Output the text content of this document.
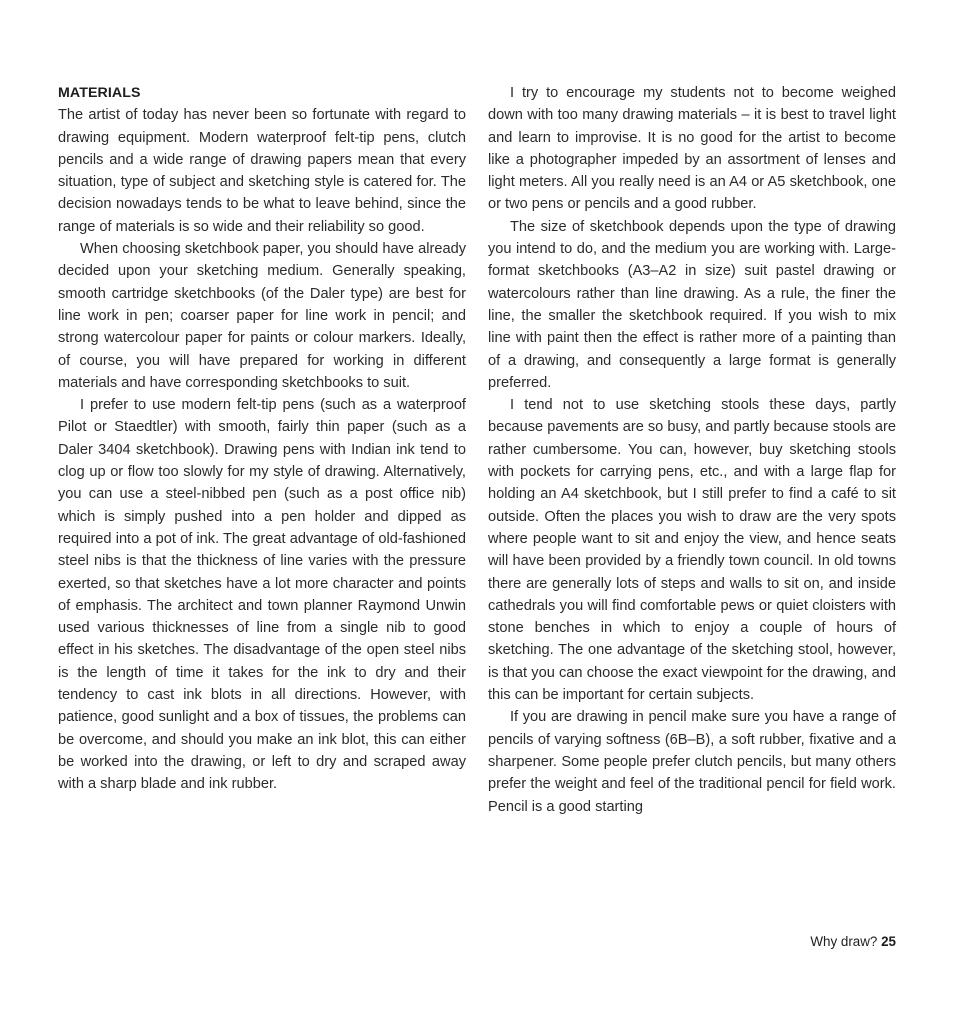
MATERIALS

The artist of today has never been so fortunate with regard to drawing equipment. Modern waterproof felt-tip pens, clutch pencils and a wide range of drawing papers mean that every situation, type of subject and sketching style is catered for. The decision nowadays tends to be what to leave behind, since the range of materials is so wide and their reliability so good.

When choosing sketchbook paper, you should have already decided upon your sketching medium. Generally speaking, smooth cartridge sketchbooks (of the Daler type) are best for line work in pen; coarser paper for line work in pencil; and strong watercolour paper for paints or colour markers. Ideally, of course, you will have prepared for working in different materials and have corresponding sketchbooks to suit.

I prefer to use modern felt-tip pens (such as a waterproof Pilot or Staedtler) with smooth, fairly thin paper (such as a Daler 3404 sketchbook). Drawing pens with Indian ink tend to clog up or flow too slowly for my style of drawing. Alternatively, you can use a steel-nibbed pen (such as a post office nib) which is simply pushed into a pen holder and dipped as required into a pot of ink. The great advantage of old-fashioned steel nibs is that the thickness of line varies with the pressure exerted, so that sketches have a lot more character and points of emphasis. The architect and town planner Raymond Unwin used various thicknesses of line from a single nib to good effect in his sketches. The disadvantage of the open steel nibs is the length of time it takes for the ink to dry and their tendency to cast ink blots in all directions. However, with patience, good sunlight and a box of tissues, the problems can be overcome, and should you make an ink blot, this can either be worked into the drawing, or left to dry and scraped away with a sharp blade and ink rubber.

I try to encourage my students not to become weighed down with too many drawing materials – it is best to travel light and learn to improvise. It is no good for the artist to become like a photographer impeded by an assortment of lenses and light meters. All you really need is an A4 or A5 sketchbook, one or two pens or pencils and a good rubber.

The size of sketchbook depends upon the type of drawing you intend to do, and the medium you are working with. Large-format sketchbooks (A3–A2 in size) suit pastel drawing or watercolours rather than line drawing. As a rule, the finer the line, the smaller the sketchbook required. If you wish to mix line with paint then the effect is rather more of a painting than of a drawing, and consequently a large format is generally preferred.

I tend not to use sketching stools these days, partly because pavements are so busy, and partly because stools are rather cumbersome. You can, however, buy sketching stools with pockets for carrying pens, etc., and with a large flap for holding an A4 sketchbook, but I still prefer to find a café to sit outside. Often the places you wish to draw are the very spots where people want to sit and enjoy the view, and hence seats will have been provided by a friendly town council. In old towns there are generally lots of steps and walls to sit on, and inside cathedrals you will find comfortable pews or quiet cloisters with stone benches in which to enjoy a couple of hours of sketching. The one advantage of the sketching stool, however, is that you can choose the exact viewpoint for the drawing, and this can be important for certain subjects.

If you are drawing in pencil make sure you have a range of pencils of varying softness (6B–B), a soft rubber, fixative and a sharpener. Some people prefer clutch pencils, but many others prefer the weight and feel of the traditional pencil for field work. Pencil is a good starting

Why draw? 25
